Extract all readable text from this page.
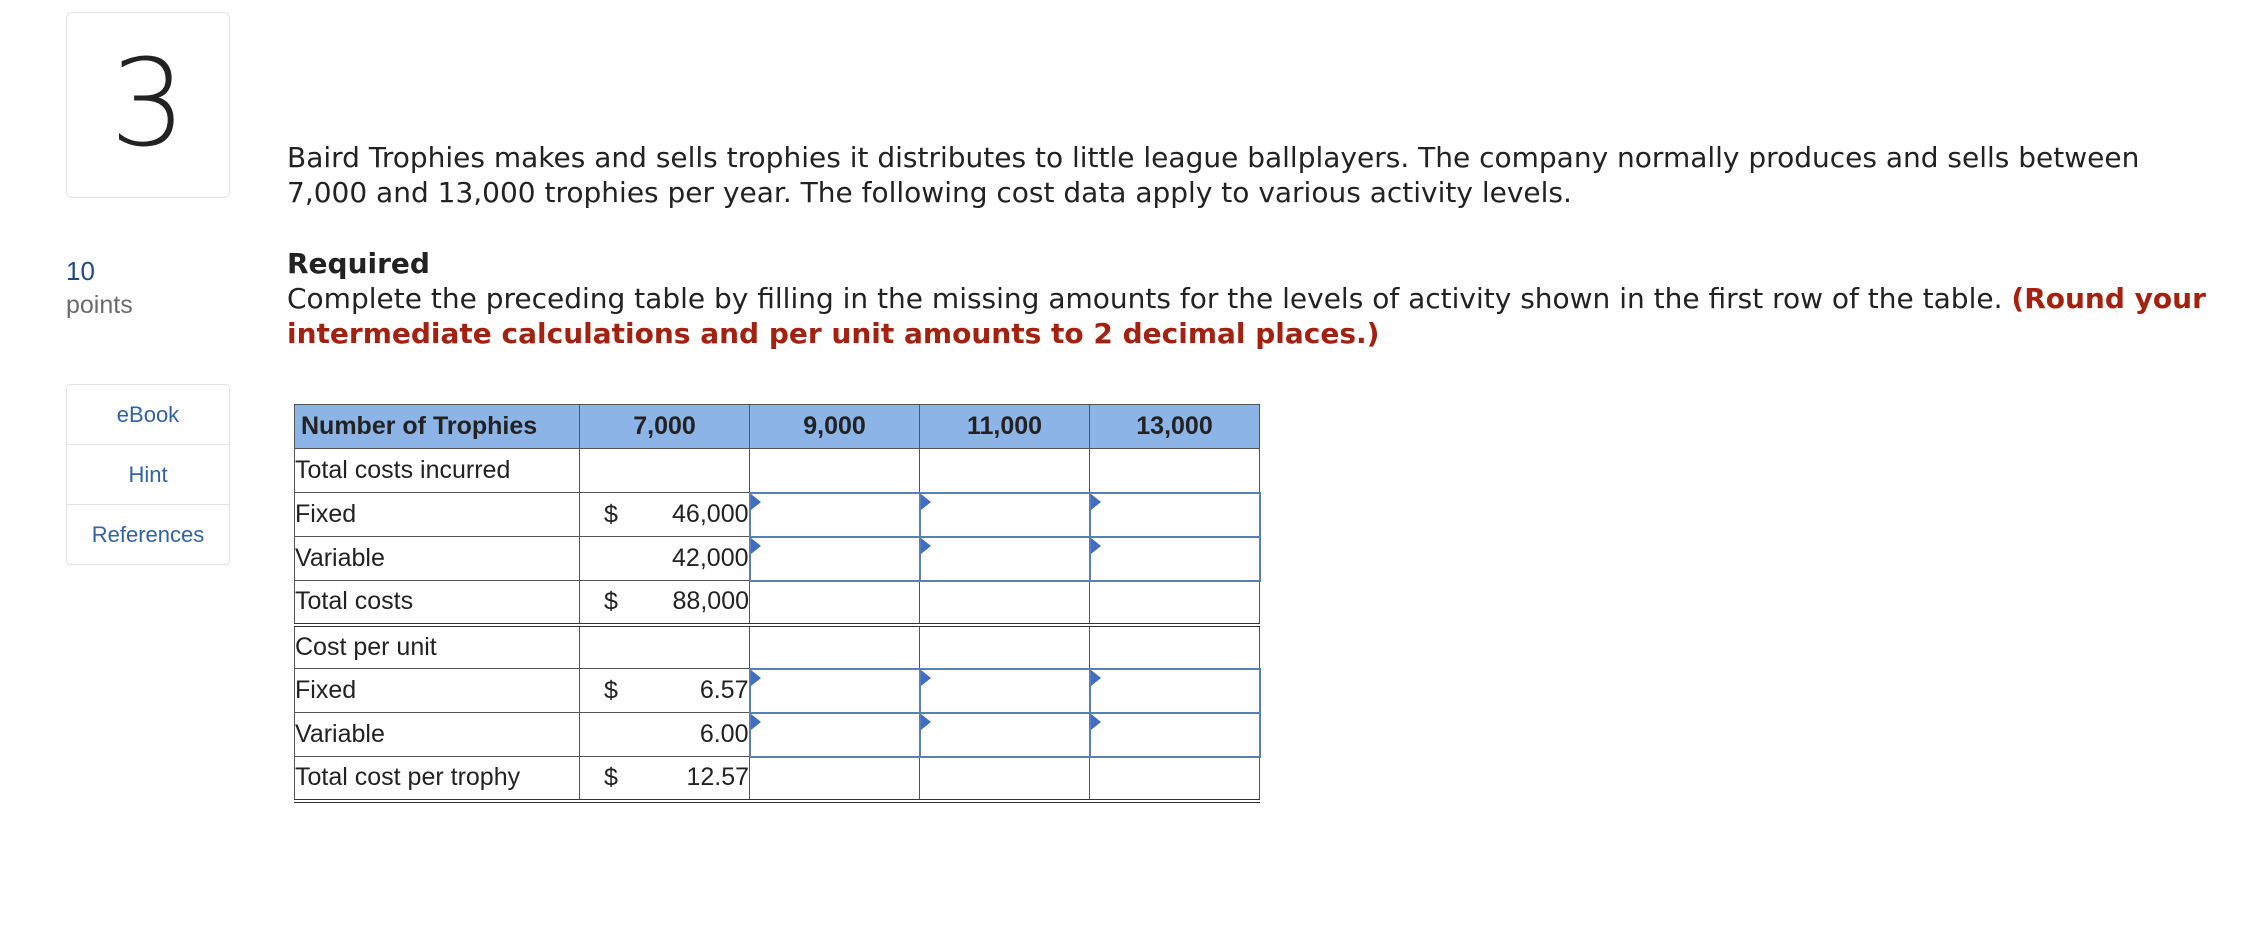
3
10
points
eBook
Hint
References

Baird Trophies makes and sells trophies it distributes to little league ballplayers. The company normally produces and sells between 7,000 and 13,000 trophies per year. The following cost data apply to various activity levels.

Required

Complete the preceding table by filling in the missing amounts for the levels of activity shown in the first row of the table. (Round your intermediate calculations and per unit amounts to 2 decimal places.)

Number of Trophies	7,000	9,000	11,000	13,000
Total costs incurred				
Fixed	$ 46,000			
Variable	42,000			
Total costs	$ 88,000			
Cost per unit				
Fixed	$ 6.57			
Variable	6.00			
Total cost per trophy	$ 12.57			
